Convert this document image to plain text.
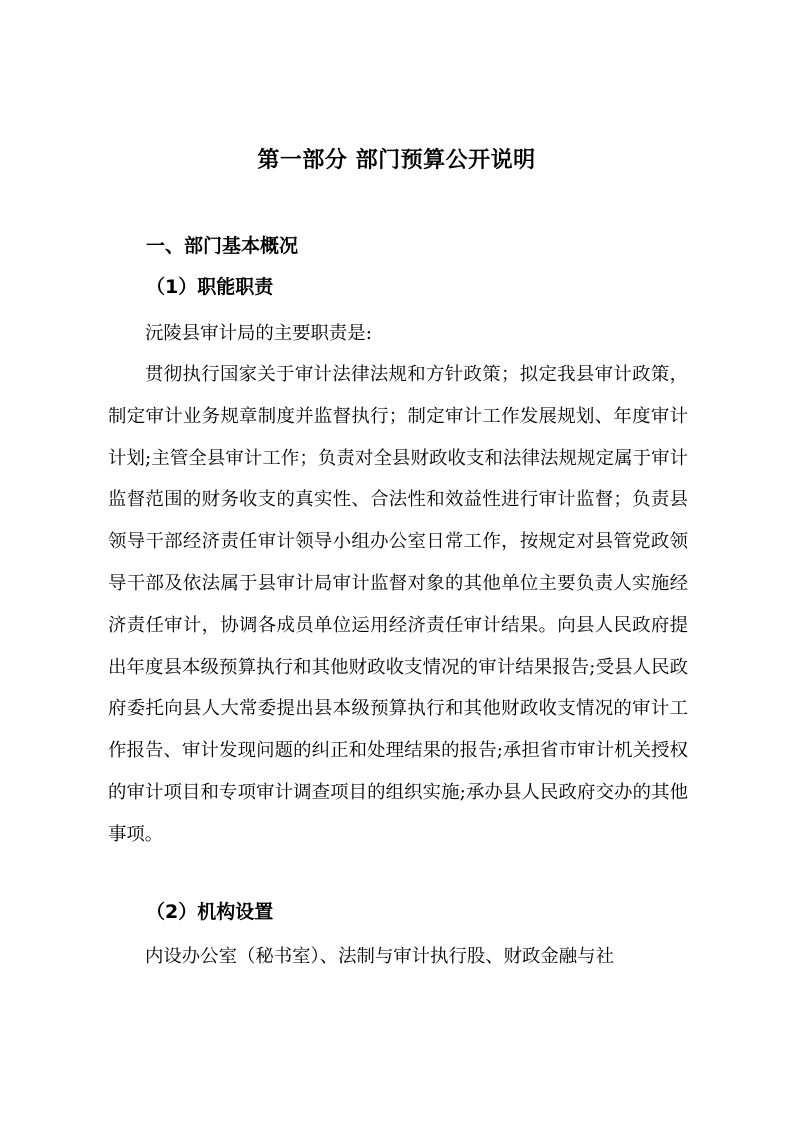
第一部分 部门预算公开说明
一、部门基本概况
（1）职能职责

沅陵县审计局的主要职责是:

贯彻执行国家关于审计法律法规和方针政策；拟定我县审计政策，制定审计业务规章制度并监督执行；制定审计工作发展规划、年度审计计划;主管全县审计工作；负责对全县财政收支和法律法规规定属于审计监督范围的财务收支的真实性、合法性和效益性进行审计监督；负责县领导干部经济责任审计领导小组办公室日常工作，按规定对县管党政领导干部及依法属于县审计局审计监督对象的其他单位主要负责人实施经济责任审计，协调各成员单位运用经济责任审计结果。向县人民政府提出年度县本级预算执行和其他财政收支情况的审计结果报告;受县人民政府委托向县人大常委提出县本级预算执行和其他财政收支情况的审计工作报告、审计发现问题的纠正和处理结果的报告;承担省市审计机关授权的审计项目和专项审计调查项目的组织实施;承办县人民政府交办的其他事项。

（2）机构设置

内设办公室（秘书室）、法制与审计执行股、财政金融与社
